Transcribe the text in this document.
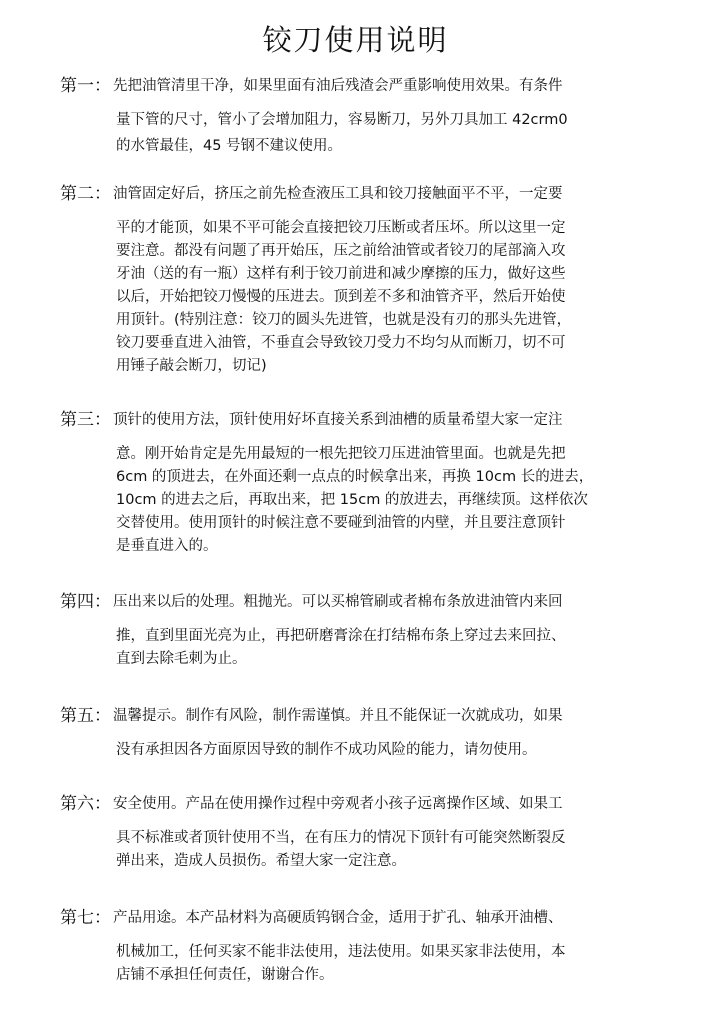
铰刀使用说明
第一： 先把油管清里干净，如果里面有油后残渣会严重影响使用效果。有条件
量下管的尺寸，管小了会增加阻力，容易断刀，另外刀具加工 42crm0
的水管最佳，45 号钢不建议使用。
第二： 油管固定好后，挤压之前先检查液压工具和铰刀接触面平不平，一定要
平的才能顶，如果不平可能会直接把铰刀压断或者压坏。所以这里一定
要注意。都没有问题了再开始压，压之前给油管或者铰刀的尾部滴入攻
牙油（送的有一瓶）这样有利于铰刀前进和减少摩擦的压力，做好这些
以后，开始把铰刀慢慢的压进去。顶到差不多和油管齐平，然后开始使
用顶针。(特别注意：铰刀的圆头先进管，也就是没有刃的那头先进管，
铰刀要垂直进入油管，不垂直会导致铰刀受力不均匀从而断刀，切不可
用锤子敲会断刀，切记)
第三： 顶针的使用方法，顶针使用好坏直接关系到油槽的质量希望大家一定注
意。刚开始肯定是先用最短的一根先把铰刀压进油管里面。也就是先把
6cm 的顶进去，在外面还剩一点点的时候拿出来，再换 10cm 长的进去，
10cm 的进去之后，再取出来，把 15cm 的放进去，再继续顶。这样依次
交替使用。使用顶针的时候注意不要碰到油管的内壁，并且要注意顶针
是垂直进入的。
第四： 压出来以后的处理。粗抛光。可以买棉管刷或者棉布条放进油管内来回
推，直到里面光亮为止，再把研磨膏涂在打结棉布条上穿过去来回拉、
直到去除毛刺为止。
第五： 温馨提示。制作有风险，制作需谨慎。并且不能保证一次就成功，如果
没有承担因各方面原因导致的制作不成功风险的能力，请勿使用。
第六： 安全使用。产品在使用操作过程中旁观者小孩子远离操作区域、如果工
具不标准或者顶针使用不当，在有压力的情况下顶针有可能突然断裂反
弹出来，造成人员损伤。希望大家一定注意。
第七： 产品用途。本产品材料为高硬质钨钢合金，适用于扩孔、轴承开油槽、
机械加工，任何买家不能非法使用，违法使用。如果买家非法使用，本
店铺不承担任何责任，谢谢合作。
